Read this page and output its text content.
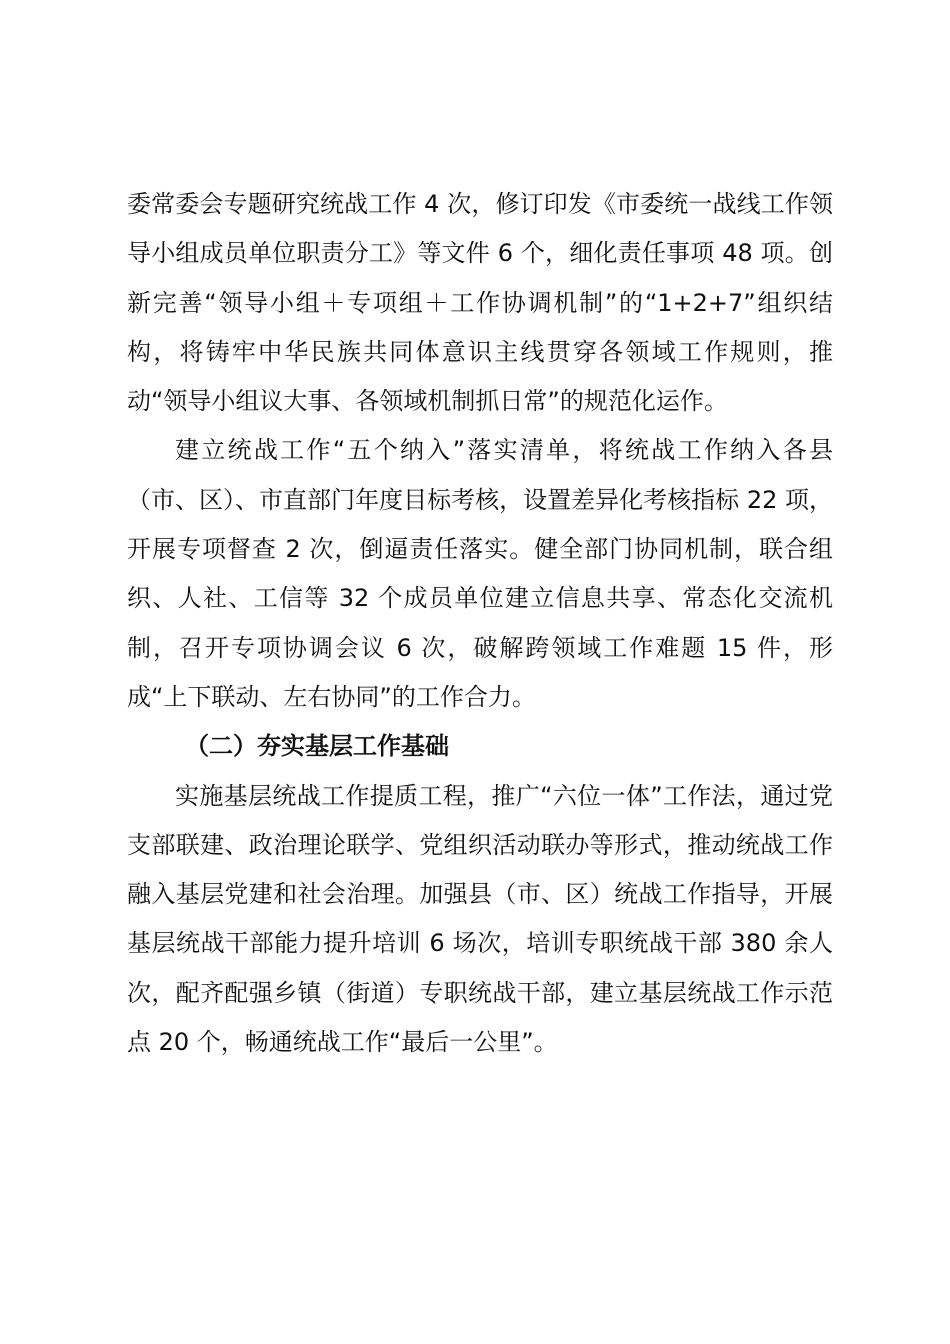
委常委会专题研究统战工作 4 次，修订印发《市委统一战线工作领导小组成员单位职责分工》等文件 6 个，细化责任事项 48 项。创新完善“领导小组＋专项组＋工作协调机制”的“1+2+7”组织结构，将铸牢中华民族共同体意识主线贯穿各领域工作规则，推动“领导小组议大事、各领域机制抓日常”的规范化运作。

建立统战工作“五个纳入”落实清单，将统战工作纳入各县（市、区）、市直部门年度目标考核，设置差异化考核指标 22 项，开展专项督查 2 次，倒逼责任落实。健全部门协同机制，联合组织、人社、工信等 32 个成员单位建立信息共享、常态化交流机制，召开专项协调会议 6 次，破解跨领域工作难题 15 件，形成“上下联动、左右协同”的工作合力。

（二）夯实基层工作基础

实施基层统战工作提质工程，推广“六位一体”工作法，通过党支部联建、政治理论联学、党组织活动联办等形式，推动统战工作融入基层党建和社会治理。加强县（市、区）统战工作指导，开展基层统战干部能力提升培训 6 场次，培训专职统战干部 380 余人次，配齐配强乡镇（街道）专职统战干部，建立基层统战工作示范点 20 个，畅通统战工作“最后一公里”。
